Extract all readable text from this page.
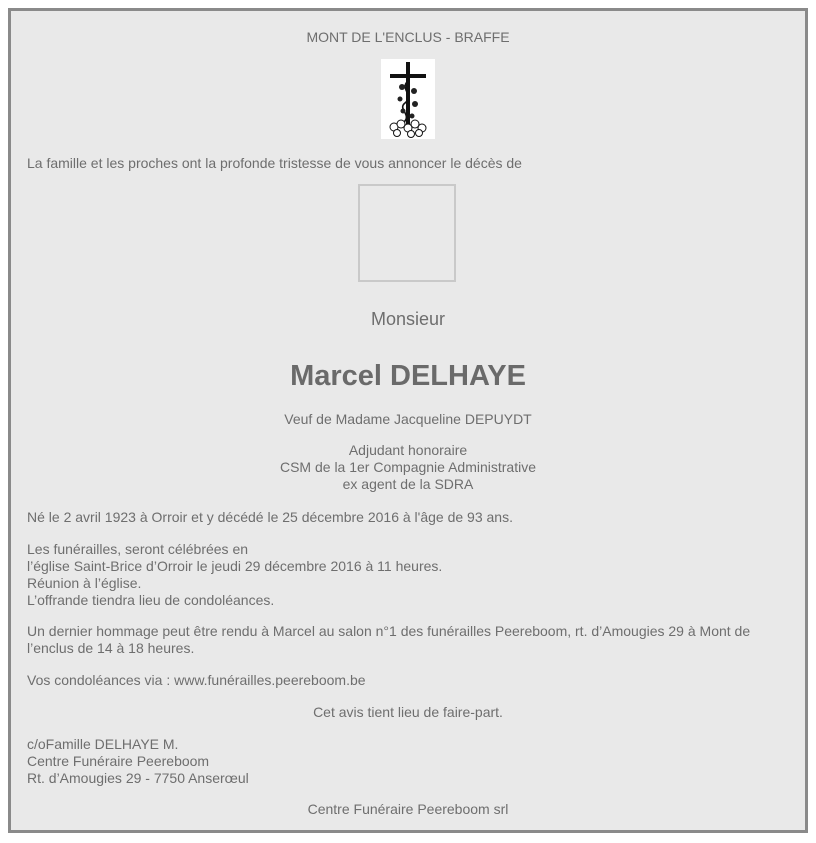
MONT DE L'ENCLUS - BRAFFE
La famille et les proches ont la profonde tristesse de vous annoncer le décès de
Monsieur
Marcel DELHAYE
Veuf de Madame Jacqueline DEPUYDT
Adjudant honoraire
CSM de la 1er Compagnie Administrative
ex agent de la SDRA
Né le 2 avril 1923 à Orroir et y décédé le 25 décembre 2016 à l'âge de 93 ans.
Les funérailles, seront célébrées en
l’église Saint-Brice d’Orroir le jeudi 29 décembre 2016 à 11 heures.
Réunion à l’église.
L’offrande tiendra lieu de condoléances.
Un dernier hommage peut être rendu à Marcel au salon n°1 des funérailles Peereboom, rt. d’Amougies 29 à Mont de
l’enclus de 14 à 18 heures.
Vos condoléances via : www.funérailles.peereboom.be
Cet avis tient lieu de faire-part.
c/oFamille DELHAYE M.
Centre Funéraire Peereboom
Rt. d’Amougies 29 - 7750 Anserœul
Centre Funéraire Peereboom srl
